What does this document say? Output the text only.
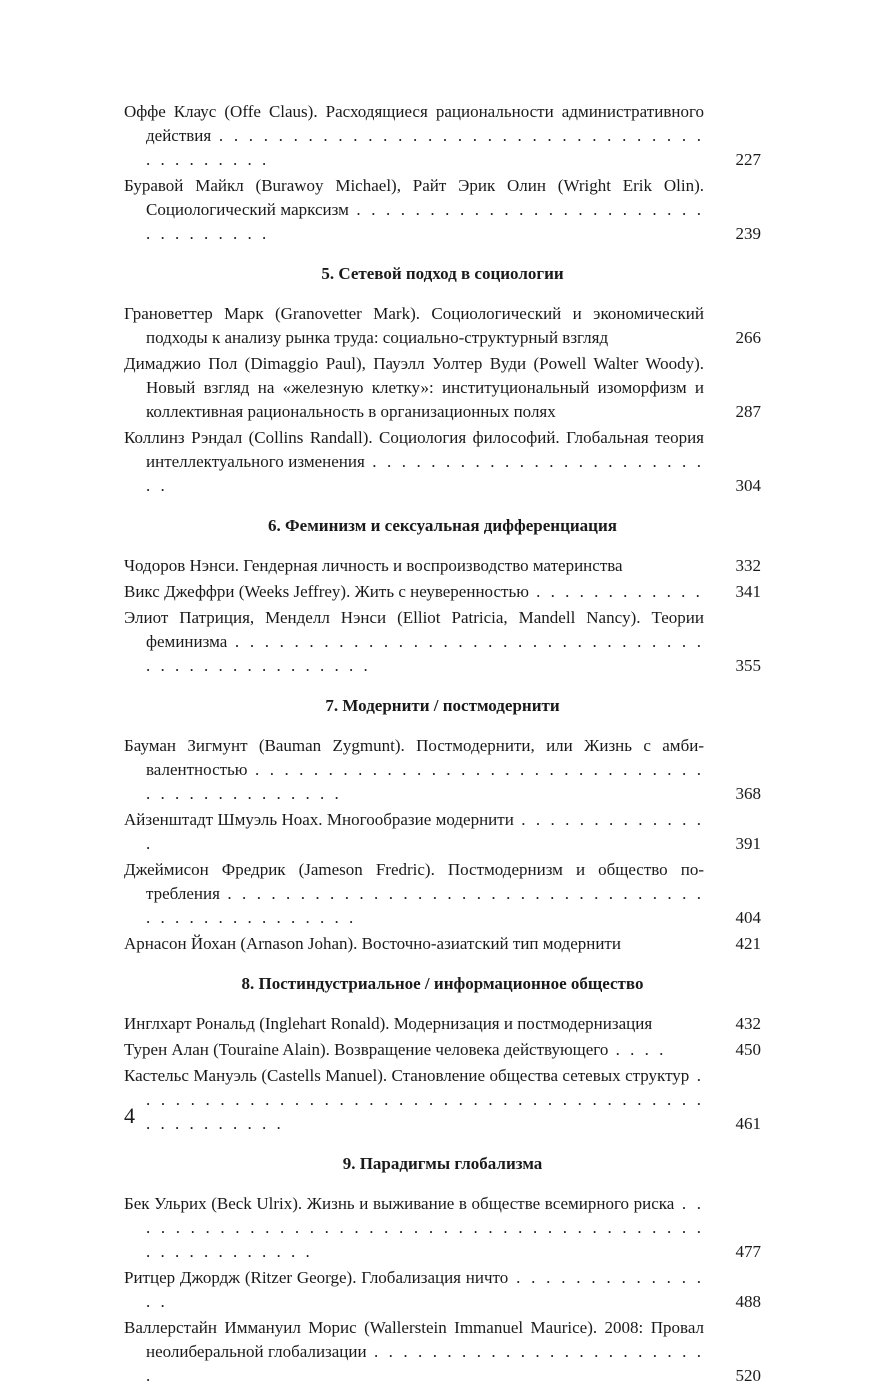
Оффе Клаус (Offe Claus). Расходящиеся рациональности административного действия . . . . . . . . . . . . . . . . . . . . . . . . . . . . . . . . . . . . . . . . . .	227
Буравой Майкл (Burawoy Michael), Райт Эрик Олин (Wright Erik Olin). Социологический марксизм . . . . . . . . . . . . . . . . . . . . . . . . . . . . . . . . .	239
5. Сетевой подход в социологии
Грановеттер Марк (Granovetter Mark). Социологический и экономический подходы к анализу рынка труда: социально-структурный взгляд	266
Димаджио Пол (Dimaggio Paul), Пауэлл Уолтер Вуди (Powell Walter Woody). Новый взгляд на «железную клетку»: институциональный изоморфизм и коллективная рациональность в организационных полях	287
Коллинз Рэндал (Collins Randall). Социология философий. Глобальная теория интеллектуального изменения . . . . . . . . . . . . . . . . . . . . . . . . .	304
6. Феминизм и сексуальная дифференциация
Чодоров Нэнси. Гендерная личность и воспроизводство материнства	332
Викс Джеффри (Weeks Jeffrey). Жить с неуверенностью . . . . . . . . . . . .	341
Элиот Патриция, Менделл Нэнси (Elliot Patricia, Mandell Nancy). Теории феминизма . . . . . . . . . . . . . . . . . . . . . . . . . . . . . . . . . . . . . . . . . . . . . . . .	355
7. Модернити / постмодернити
Бауман Зигмунт (Bauman Zygmunt). Постмодернити, или Жизнь с амбивалентностью . . . . . . . . . . . . . . . . . . . . . . . . . . . . . . . . . . . . . . . . . . . . .	368
Айзенштадт Шмуэль Ноах. Многообразие модернити . . . . . . . . . . . . . .	391
Джеймисон Фредрик (Jameson Fredric). Постмодернизм и общество потребления . . . . . . . . . . . . . . . . . . . . . . . . . . . . . . . . . . . . . . . . . . . . . . . .	404
Арнасон Йохан (Arnason Johan). Восточно-азиатский тип модернити	421
8. Постиндустриальное / информационное общество
Инглхарт Рональд (Inglehart Ronald). Модернизация и постмодернизация	432
Турен Алан (Touraine Alain). Возвращение человека действующего . . . .	450
Кастельс Мануэль (Castells Manuel). Становление общества сетевых структур . . . . . . . . . . . . . . . . . . . . . . . . . . . . . . . . . . . . . . . . . . . . . . . . .	461
9. Парадигмы глобализма
Бек Ульрих (Beck Ulrix). Жизнь и выживание в обществе всемирного риска . . . . . . . . . . . . . . . . . . . . . . . . . . . . . . . . . . . . . . . . . . . . . . . . . . . .	477
Ритцер Джордж (Ritzer George). Глобализация ничто . . . . . . . . . . . . . . .	488
Валлерстайн Иммануил Морис (Wallerstein Immanuel Maurice). 2008: Провал неолиберальной глобализации . . . . . . . . . . . . . . . . . . . . . . . .	520
4
